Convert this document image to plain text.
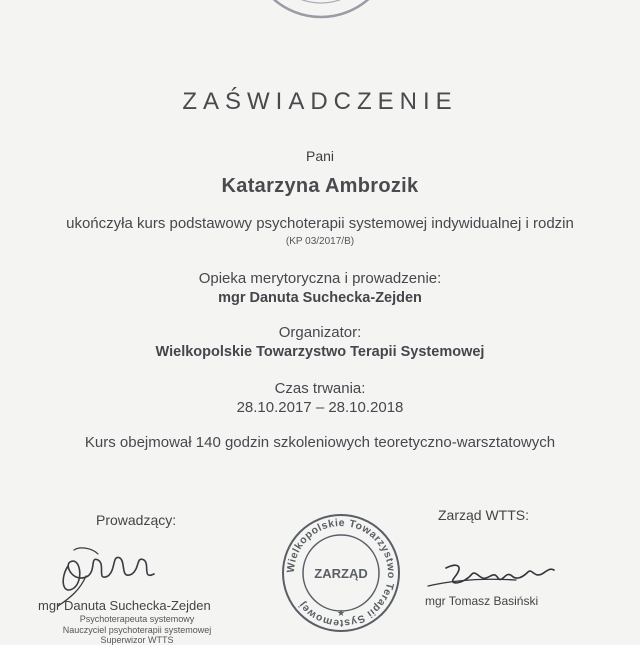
ZAŚWIADCZENIE
Pani
Katarzyna Ambrozik
ukończyła kurs podstawowy psychoterapii systemowej indywidualnej i rodzin
(KP 03/2017/B)
Opieka merytoryczna i prowadzenie:
mgr Danuta Suchecka-Zejden
Organizator:
Wielkopolskie Towarzystwo Terapii Systemowej
Czas trwania:
28.10.2017 – 28.10.2018
Kurs obejmował 140 godzin szkoleniowych teoretyczno-warsztatowych
Prowadzący:	Zarząd WTTS:
Wielkopolskie Towarzystwo Terapii Systemowej
ZARZĄD
★
mgr Danuta Suchecka-Zejden
Psychoterapeuta systemowy
Nauczyciel psychoterapii systemowej
Superwizor WTTS
mgr Tomasz Basiński
